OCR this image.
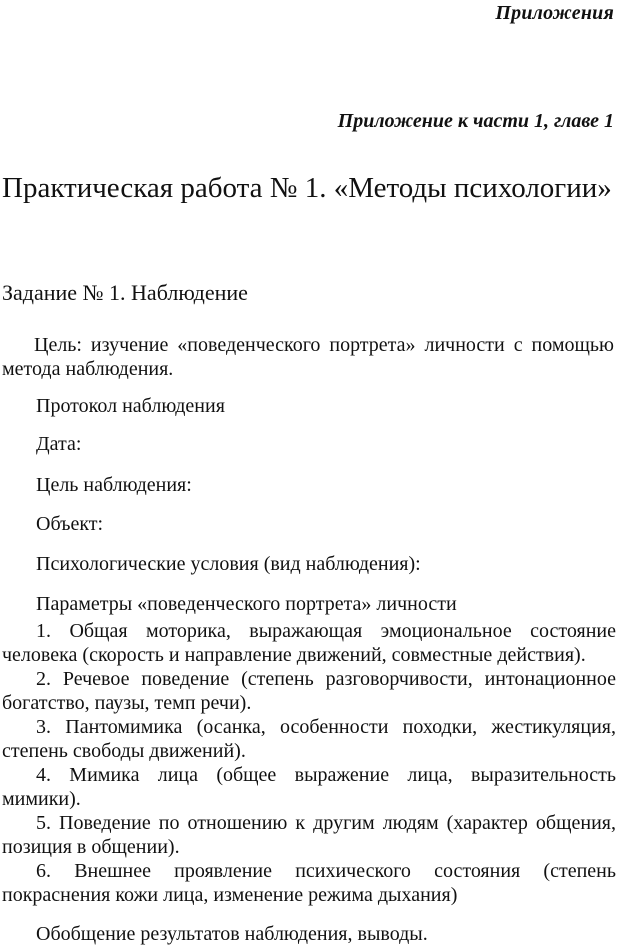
Приложения
Приложение к части 1, главе 1
Практическая работа № 1. «Методы психологии»
Задание № 1. Наблюдение

Цель: изучение «поведенческого портрета» личности с помощью метода наблюдения.

Протокол наблюдения

Дата:

Цель наблюдения:

Объект:

Психологические условия (вид наблюдения):

Параметры «поведенческого портрета» личности

1. Общая моторика, выражающая эмоциональное состояние человека (скорость и направление движений, совместные действия).
2. Речевое поведение (степень разговорчивости, интонационное богатство, паузы, темп речи).
3. Пантомимика (осанка, особенности походки, жестикуляция, степень свободы движений).
4. Мимика лица (общее выражение лица, выразительность мимики).
5. Поведение по отношению к другим людям (характер общения, позиция в общении).
6. Внешнее проявление психического состояния (степень покраснения кожи лица, изменение режима дыхания)

Обобщение результатов наблюдения, выводы.
